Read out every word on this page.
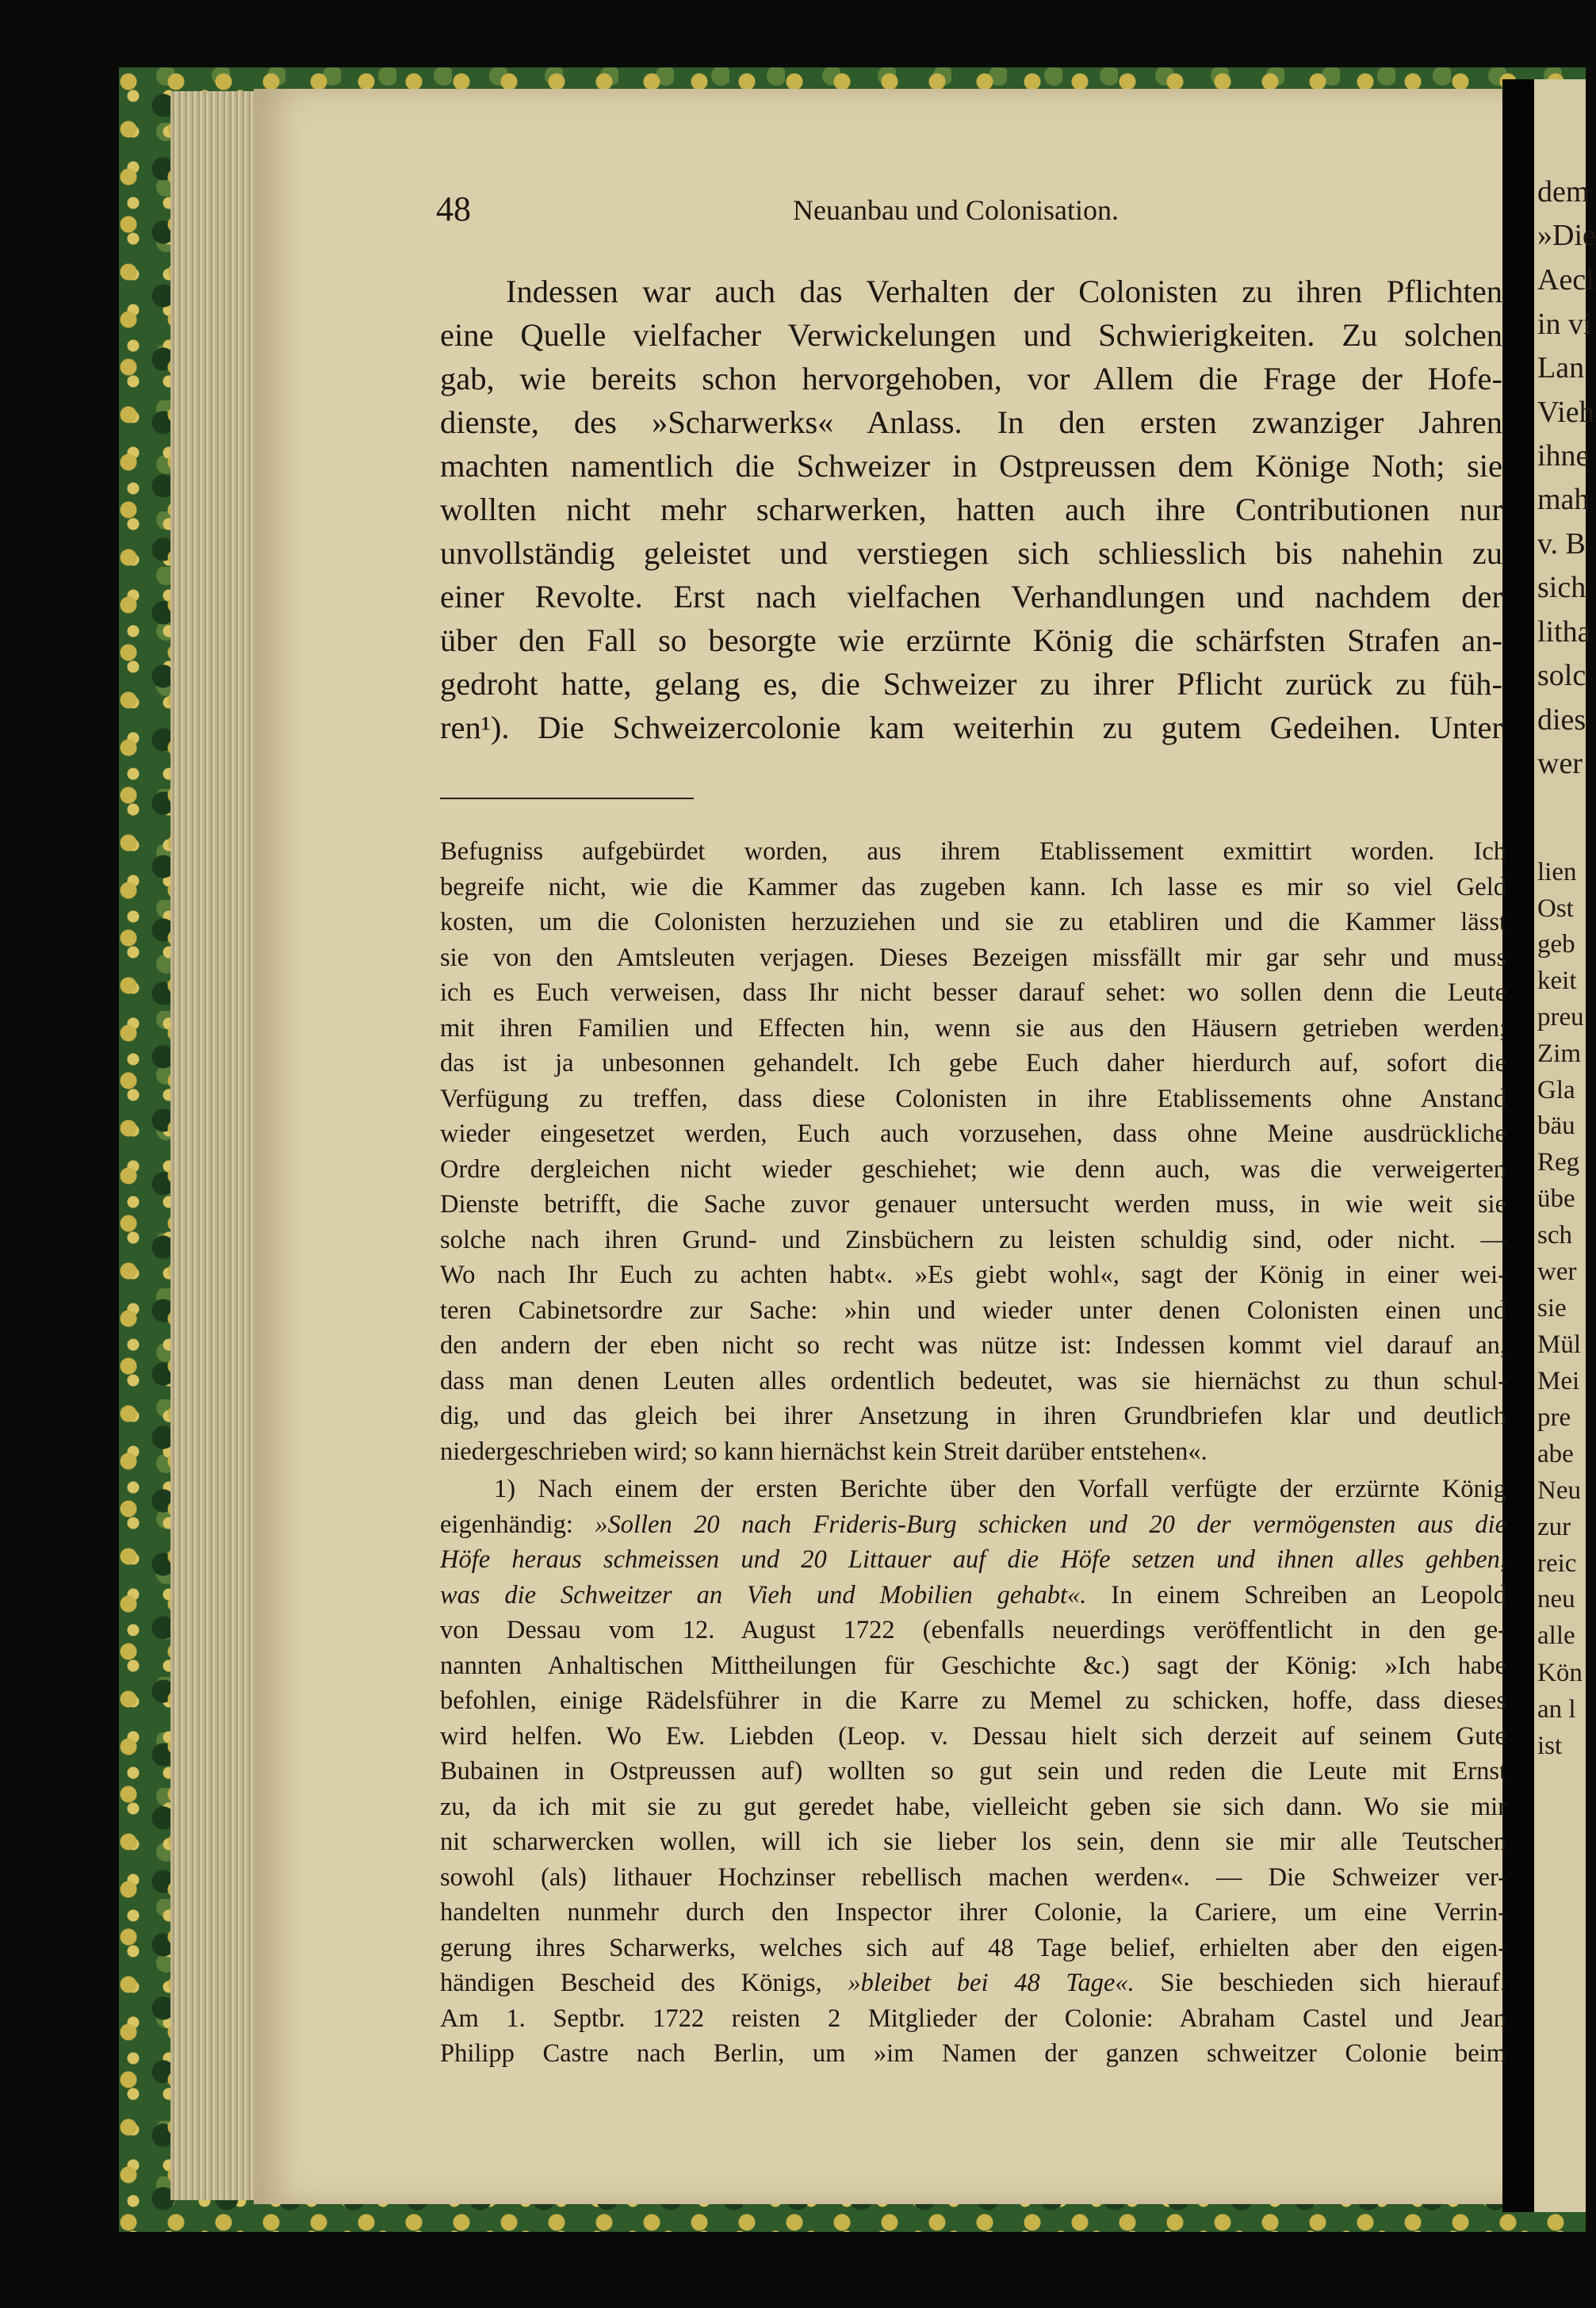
dem
»Die
Aecl
in vi
Lan
Vieh
ihne
mah
v. B
sich
litha
solc
dies
wer
lien
Ost
geb
keit
preu
Zim
Gla
bäu
Reg
übe
sch
wer
sie
Mül
Mei
pre
abe
Neu
zur
reic
neu
alle
Kön
an l
ist
48	Neuanbau und Colonisation.
Indessen war auch das Verhalten der Colonisten zu ihren Pflichten
eine Quelle vielfacher Verwickelungen und Schwierigkeiten. Zu solchen
gab, wie bereits schon hervorgehoben, vor Allem die Frage der Hofe-
dienste, des »Scharwerks« Anlass. In den ersten zwanziger Jahren
machten namentlich die Schweizer in Ostpreussen dem Könige Noth; sie
wollten nicht mehr scharwerken, hatten auch ihre Contributionen nur
unvollständig geleistet und verstiegen sich schliesslich bis nahehin zu
einer Revolte. Erst nach vielfachen Verhandlungen und nachdem der
über den Fall so besorgte wie erzürnte König die schärfsten Strafen an-
gedroht hatte, gelang es, die Schweizer zu ihrer Pflicht zurück zu füh-
ren¹). Die Schweizercolonie kam weiterhin zu gutem Gedeihen. Unter
Befugniss aufgebürdet worden, aus ihrem Etablissement exmittirt worden. Ich
begreife nicht, wie die Kammer das zugeben kann. Ich lasse es mir so viel Geld
kosten, um die Colonisten herzuziehen und sie zu etabliren und die Kammer lässt
sie von den Amtsleuten verjagen. Dieses Bezeigen missfällt mir gar sehr und muss
ich es Euch verweisen, dass Ihr nicht besser darauf sehet: wo sollen denn die Leute
mit ihren Familien und Effecten hin, wenn sie aus den Häusern getrieben werden;
das ist ja unbesonnen gehandelt. Ich gebe Euch daher hierdurch auf, sofort die
Verfügung zu treffen, dass diese Colonisten in ihre Etablissements ohne Anstand
wieder eingesetzet werden, Euch auch vorzusehen, dass ohne Meine ausdrückliche
Ordre dergleichen nicht wieder geschiehet; wie denn auch, was die verweigerten
Dienste betrifft, die Sache zuvor genauer untersucht werden muss, in wie weit sie
solche nach ihren Grund- und Zinsbüchern zu leisten schuldig sind, oder nicht. —
Wo nach Ihr Euch zu achten habt«. »Es giebt wohl«, sagt der König in einer wei-
teren Cabinetsordre zur Sache: »hin und wieder unter denen Colonisten einen und
den andern der eben nicht so recht was nütze ist: Indessen kommt viel darauf an,
dass man denen Leuten alles ordentlich bedeutet, was sie hiernächst zu thun schul-
dig, und das gleich bei ihrer Ansetzung in ihren Grundbriefen klar und deutlich
niedergeschrieben wird; so kann hiernächst kein Streit darüber entstehen«.
1) Nach einem der ersten Berichte über den Vorfall verfügte der erzürnte König
eigenhändig: »Sollen 20 nach Frideris-Burg schicken und 20 der vermögensten aus die
Höfe heraus schmeissen und 20 Littauer auf die Höfe setzen und ihnen alles gehben,
was die Schweitzer an Vieh und Mobilien gehabt«. In einem Schreiben an Leopold
von Dessau vom 12. August 1722 (ebenfalls neuerdings veröffentlicht in den ge-
nannten Anhaltischen Mittheilungen für Geschichte &c.) sagt der König: »Ich habe
befohlen, einige Rädelsführer in die Karre zu Memel zu schicken, hoffe, dass dieses
wird helfen. Wo Ew. Liebden (Leop. v. Dessau hielt sich derzeit auf seinem Gute
Bubainen in Ostpreussen auf) wollten so gut sein und reden die Leute mit Ernst
zu, da ich mit sie zu gut geredet habe, vielleicht geben sie sich dann. Wo sie mir
nit scharwercken wollen, will ich sie lieber los sein, denn sie mir alle Teutschen
sowohl (als) lithauer Hochzinser rebellisch machen werden«. — Die Schweizer ver-
handelten nunmehr durch den Inspector ihrer Colonie, la Cariere, um eine Verrin-
gerung ihres Scharwerks, welches sich auf 48 Tage belief, erhielten aber den eigen-
händigen Bescheid des Königs, »bleibet bei 48 Tage«. Sie beschieden sich hierauf.
Am 1. Septbr. 1722 reisten 2 Mitglieder der Colonie: Abraham Castel und Jean
Philipp Castre nach Berlin, um »im Namen der ganzen schweitzer Colonie beim
